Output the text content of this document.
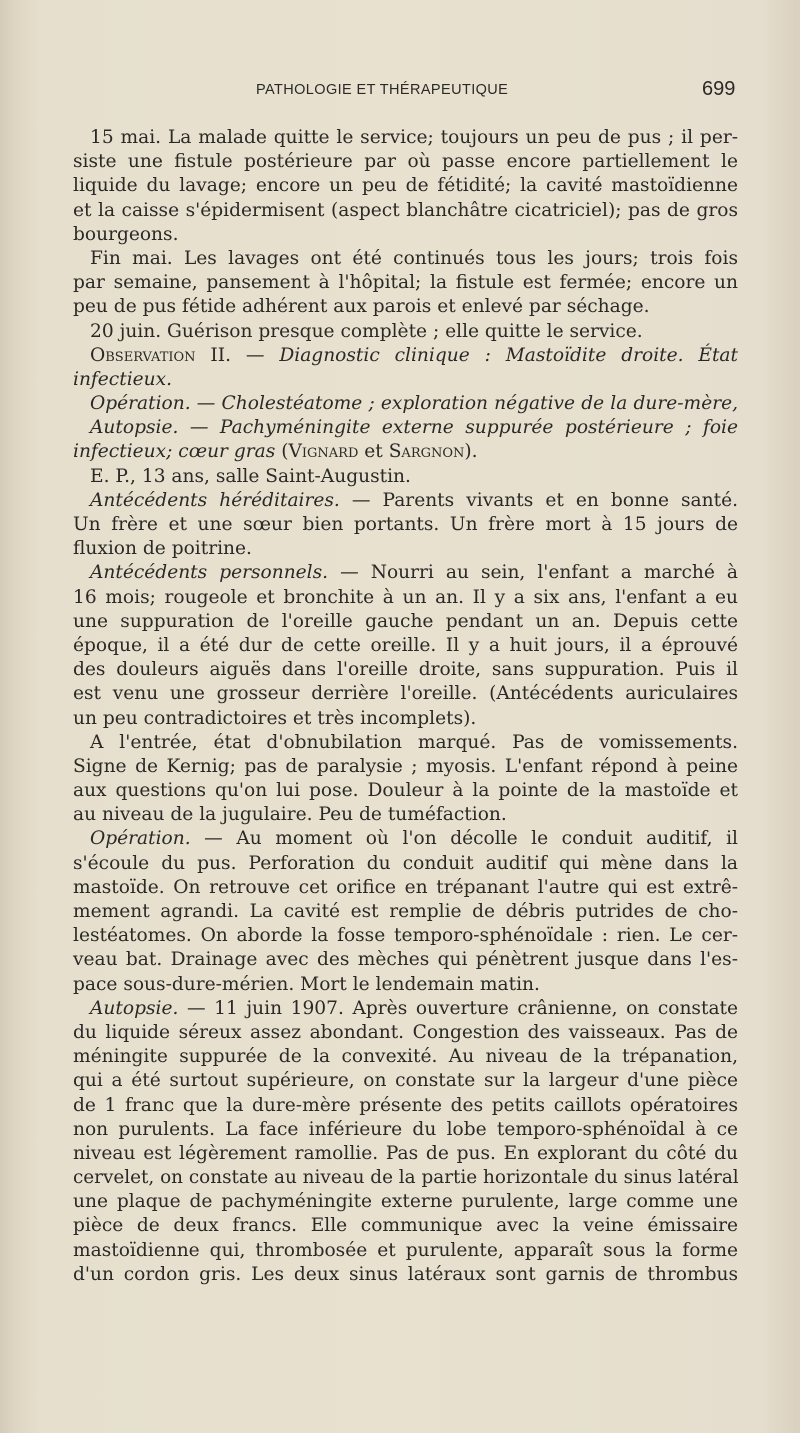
PATHOLOGIE ET THÉRAPEUTIQUE	699
15 mai. La malade quitte le service; toujours un peu de pus ; il per-
siste une fistule postérieure par où passe encore partiellement le
liquide du lavage; encore un peu de fétidité; la cavité mastoïdienne
et la caisse s'épidermisent (aspect blanchâtre cicatriciel); pas de gros
bourgeons.
Fin mai. Les lavages ont été continués tous les jours; trois fois
par semaine, pansement à l'hôpital; la fistule est fermée; encore un
peu de pus fétide adhérent aux parois et enlevé par séchage.
20 juin. Guérison presque complète ; elle quitte le service.
Observation II. — Diagnostic clinique : Mastoïdite droite. État
infectieux.
Opération. — Cholestéatome ; exploration négative de la dure-mère,
Autopsie. — Pachyméningite externe suppurée postérieure ; foie
infectieux; cœur gras (Vignard et Sargnon).
E. P., 13 ans, salle Saint-Augustin.
Antécédents héréditaires. — Parents vivants et en bonne santé.
Un frère et une sœur bien portants. Un frère mort à 15 jours de
fluxion de poitrine.
Antécédents personnels. — Nourri au sein, l'enfant a marché à
16 mois; rougeole et bronchite à un an. Il y a six ans, l'enfant a eu
une suppuration de l'oreille gauche pendant un an. Depuis cette
époque, il a été dur de cette oreille. Il y a huit jours, il a éprouvé
des douleurs aiguës dans l'oreille droite, sans suppuration. Puis il
est venu une grosseur derrière l'oreille. (Antécédents auriculaires
un peu contradictoires et très incomplets).
A l'entrée, état d'obnubilation marqué. Pas de vomissements.
Signe de Kernig; pas de paralysie ; myosis. L'enfant répond à peine
aux questions qu'on lui pose. Douleur à la pointe de la mastoïde et
au niveau de la jugulaire. Peu de tuméfaction.
Opération. — Au moment où l'on décolle le conduit auditif, il
s'écoule du pus. Perforation du conduit auditif qui mène dans la
mastoïde. On retrouve cet orifice en trépanant l'autre qui est extrê-
mement agrandi. La cavité est remplie de débris putrides de cho-
lestéatomes. On aborde la fosse temporo-sphénoïdale : rien. Le cer-
veau bat. Drainage avec des mèches qui pénètrent jusque dans l'es-
pace sous-dure-mérien. Mort le lendemain matin.
Autopsie. — 11 juin 1907. Après ouverture crânienne, on constate
du liquide séreux assez abondant. Congestion des vaisseaux. Pas de
méningite suppurée de la convexité. Au niveau de la trépanation,
qui a été surtout supérieure, on constate sur la largeur d'une pièce
de 1 franc que la dure-mère présente des petits caillots opératoires
non purulents. La face inférieure du lobe temporo-sphénoïdal à ce
niveau est légèrement ramollie. Pas de pus. En explorant du côté du
cervelet, on constate au niveau de la partie horizontale du sinus latéral
une plaque de pachyméningite externe purulente, large comme une
pièce de deux francs. Elle communique avec la veine émissaire
mastoïdienne qui, thrombosée et purulente, apparaît sous la forme
d'un cordon gris. Les deux sinus latéraux sont garnis de thrombus
